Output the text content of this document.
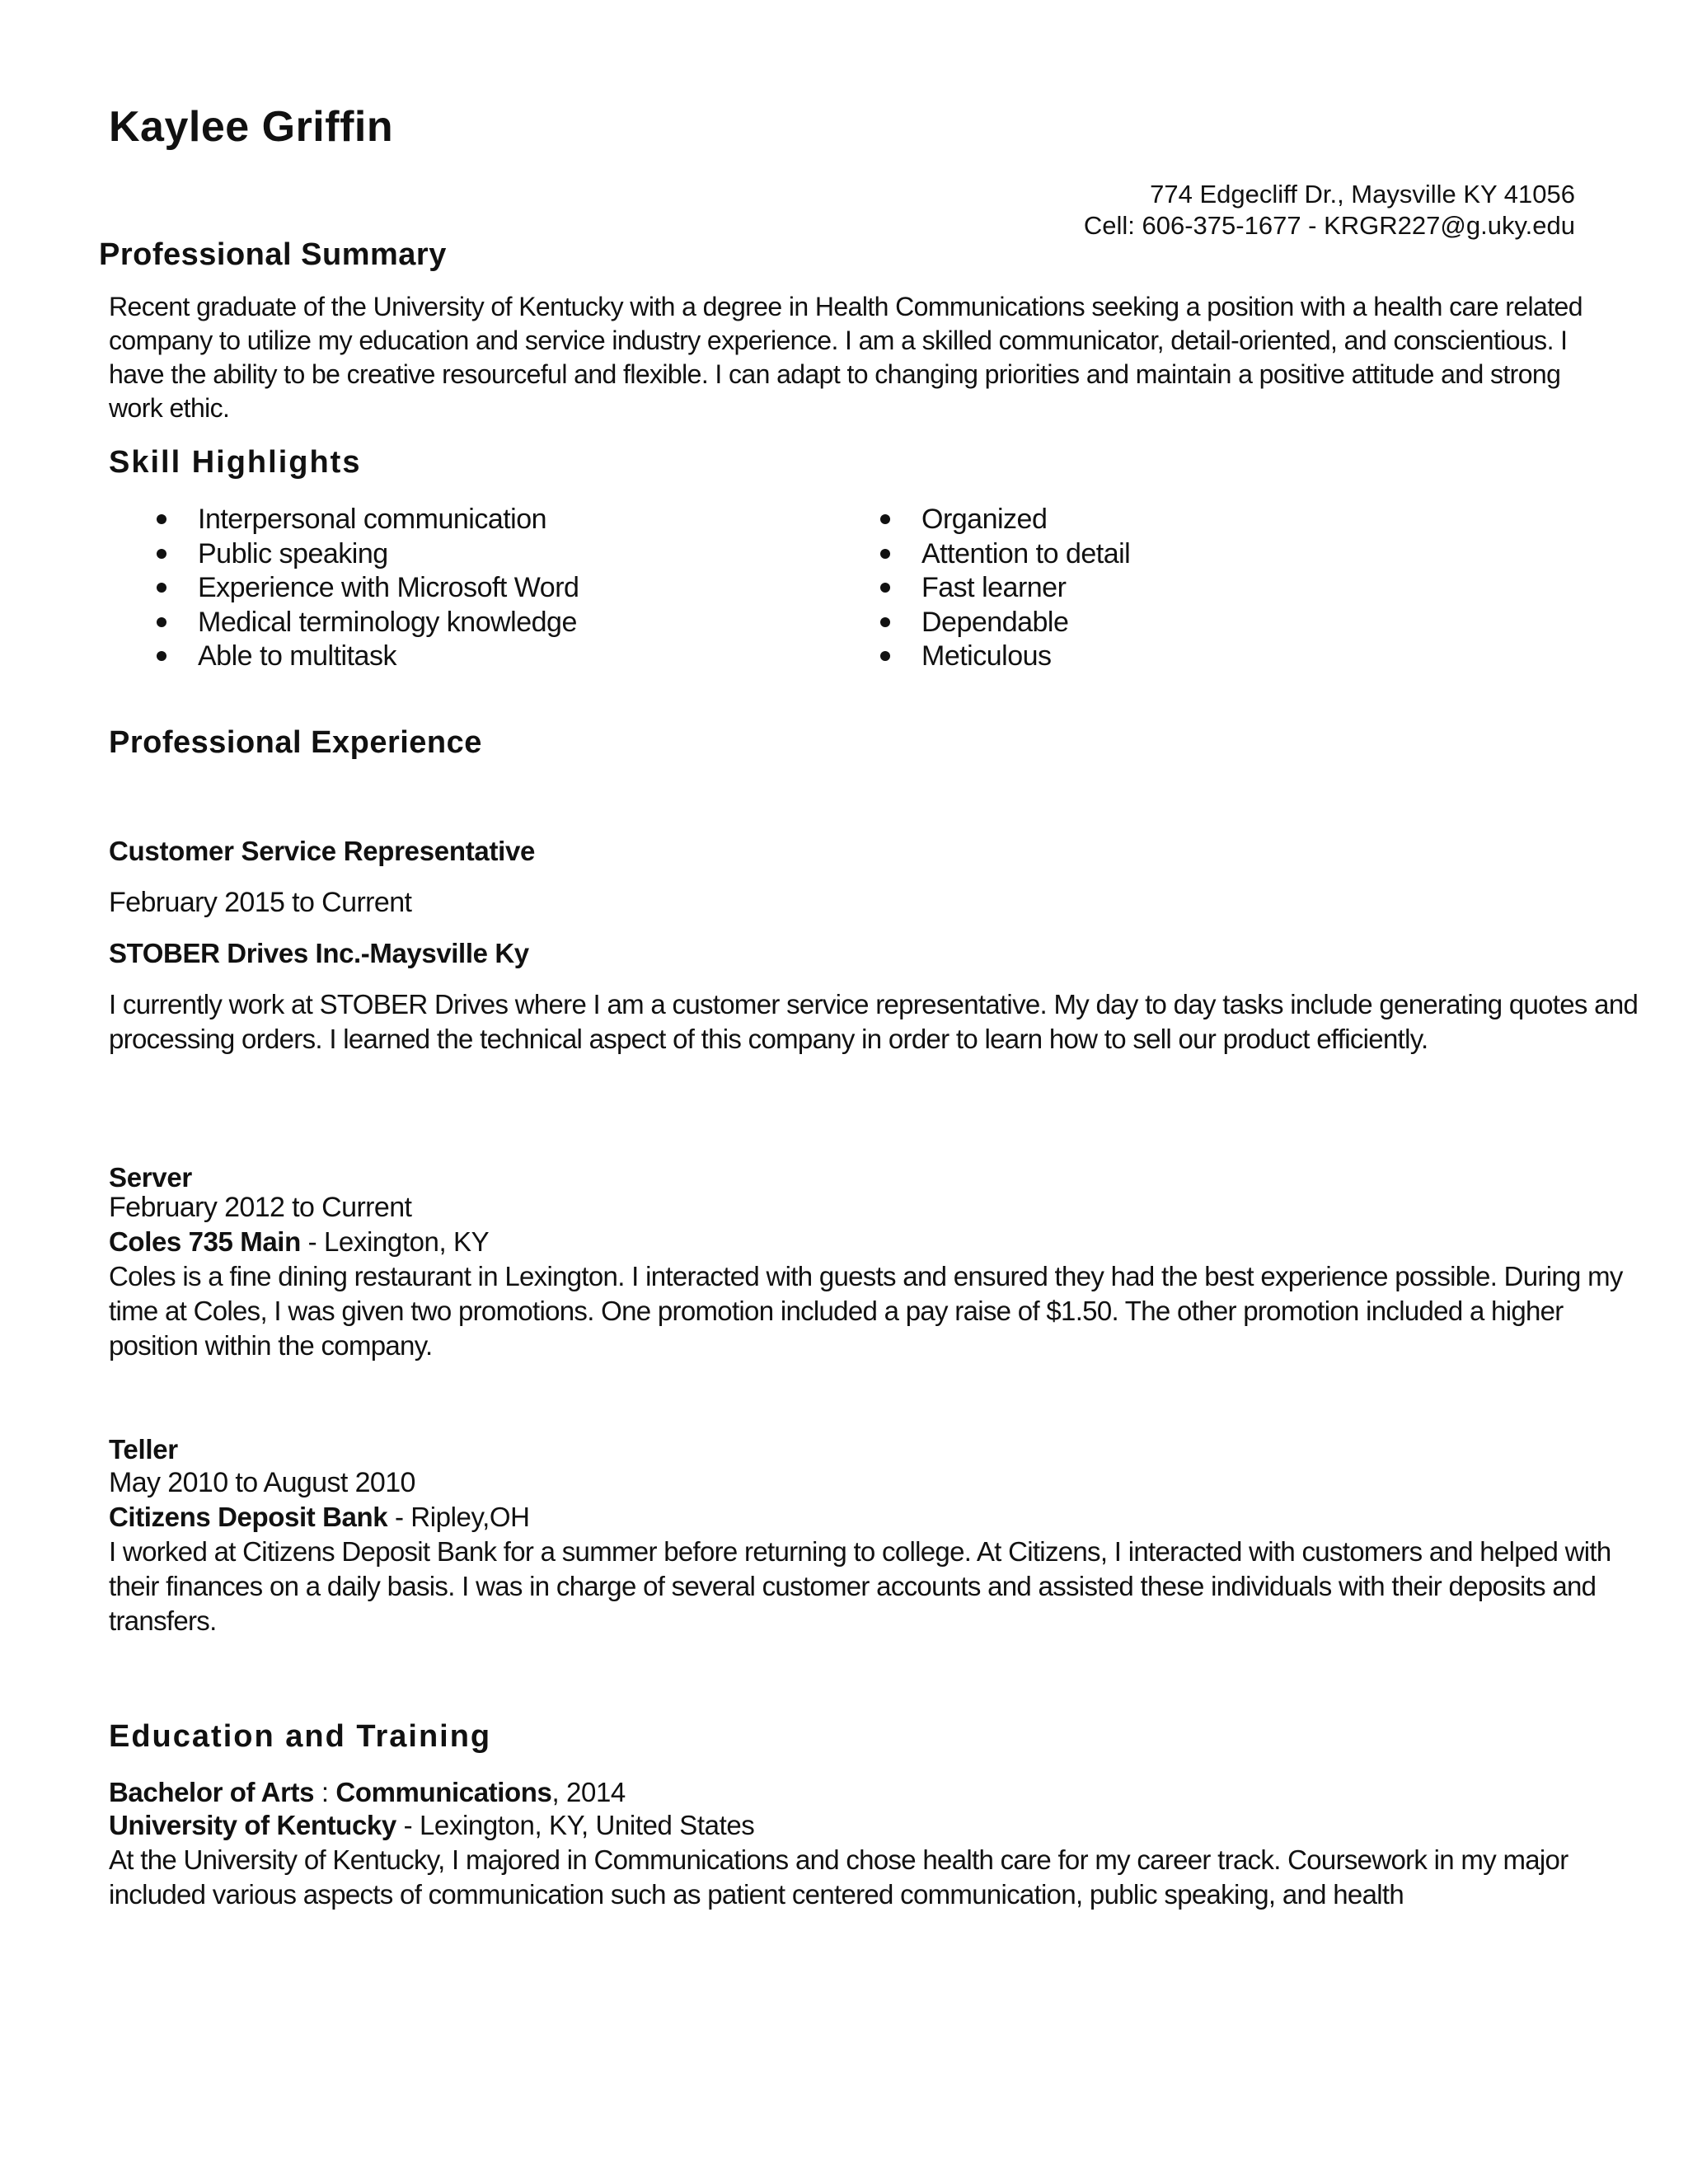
Kaylee Griffin
774 Edgecliff Dr., Maysville KY 41056
Cell: 606-375-1677 - KRGR227@g.uky.edu
Professional Summary
Recent graduate of the University of Kentucky with a degree in Health Communications seeking a position with a health care related company to utilize my education and service industry experience. I am a skilled communicator, detail-oriented, and conscientious. I have the ability to be creative resourceful and flexible. I can adapt to changing priorities and maintain a positive attitude and strong work ethic.
Skill Highlights
Interpersonal communication
Public speaking
Experience with Microsoft Word
Medical terminology knowledge
Able to multitask
Organized
Attention to detail
Fast learner
Dependable
Meticulous
Professional Experience
Customer Service Representative
February 2015 to Current
STOBER Drives Inc.-Maysville Ky
I currently work at STOBER Drives where I am a customer service representative. My day to day tasks include generating quotes and processing orders. I learned the technical aspect of this company in order to learn how to sell our product efficiently.
Server
February 2012 to Current
Coles 735 Main - Lexington, KY
Coles is a fine dining restaurant in Lexington. I interacted with guests and ensured they had the best experience possible. During my time at Coles, I was given two promotions. One promotion included a pay raise of $1.50. The other promotion included a higher position within the company.
Teller
May 2010 to August 2010
Citizens Deposit Bank - Ripley,OH
I worked at Citizens Deposit Bank for a summer before returning to college. At Citizens, I interacted with customers and helped with their finances on a daily basis. I was in charge of several customer accounts and assisted these individuals with their deposits and transfers.
Education and Training
Bachelor of Arts : Communications, 2014
University of Kentucky - Lexington, KY, United States
At the University of Kentucky, I majored in Communications and chose health care for my career track. Coursework in my major included various aspects of communication such as patient centered communication, public speaking, and health
